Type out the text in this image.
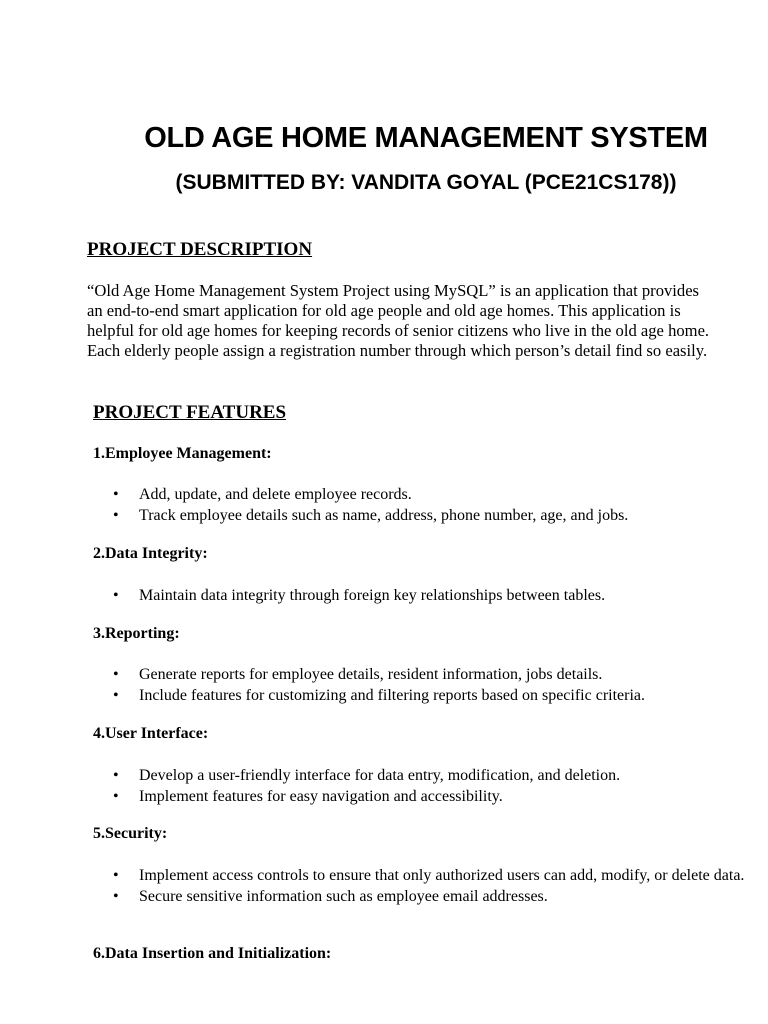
OLD AGE HOME MANAGEMENT SYSTEM
(SUBMITTED BY: VANDITA GOYAL (PCE21CS178))
PROJECT DESCRIPTION

“Old Age Home Management System Project using MySQL” is an application that provides
an end-to-end smart application for old age people and old age homes. This application is
helpful for old age homes for keeping records of senior citizens who live in the old age home.
Each elderly people assign a registration number through which person’s detail find so easily.

PROJECT FEATURES

1.Employee Management:

• Add, update, and delete employee records.
• Track employee details such as name, address, phone number, age, and jobs.

2.Data Integrity:

• Maintain data integrity through foreign key relationships between tables.

3.Reporting:

• Generate reports for employee details, resident information, jobs details.
• Include features for customizing and filtering reports based on specific criteria.

4.User Interface:

• Develop a user-friendly interface for data entry, modification, and deletion.
• Implement features for easy navigation and accessibility.

5.Security:

• Implement access controls to ensure that only authorized users can add, modify, or delete data.
• Secure sensitive information such as employee email addresses.

6.Data Insertion and Initialization:
